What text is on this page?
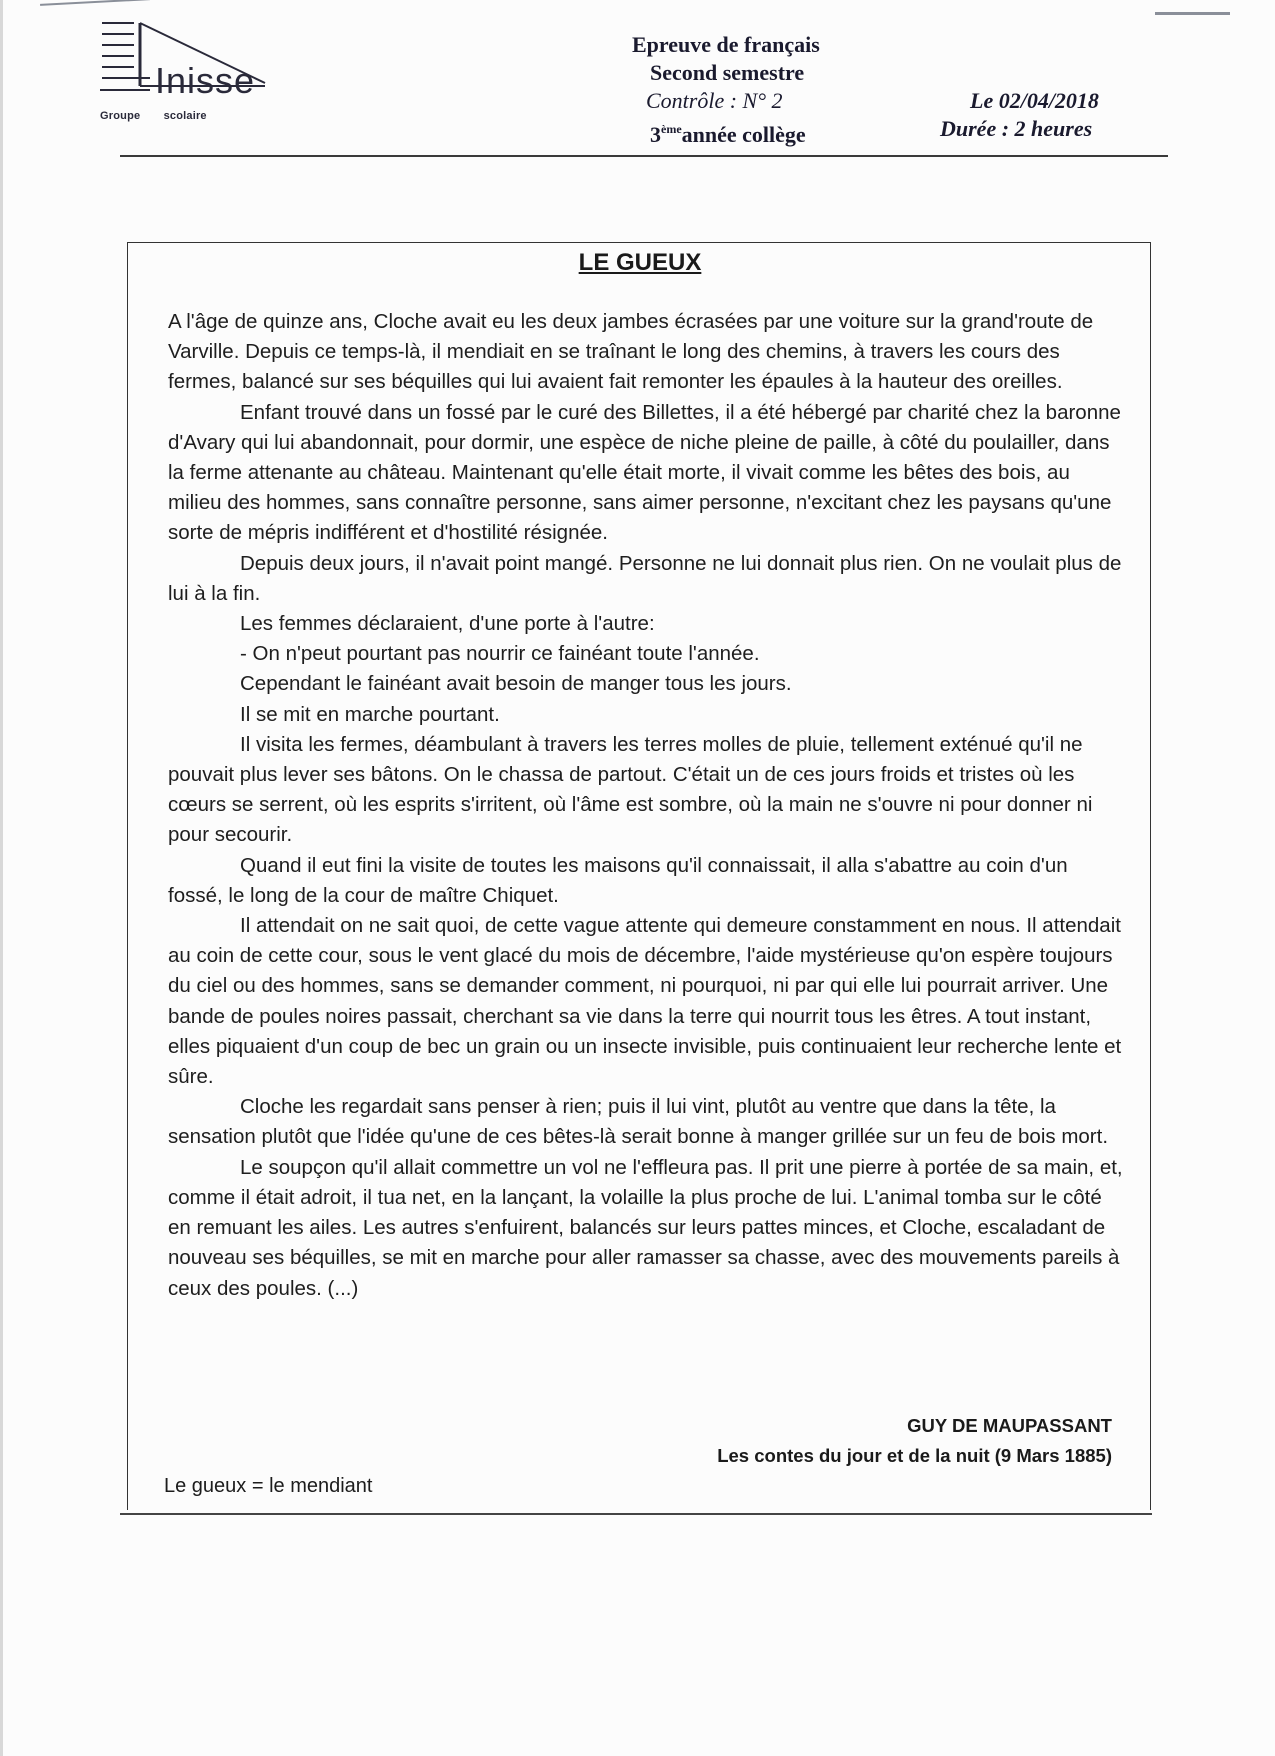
Inisse
Groupe scolaire
Epreuve de français
Second semestre
Contrôle : N° 2
3èmeannée collège
Le 02/04/2018
Durée : 2 heures
LE GUEUX

A l'âge de quinze ans, Cloche avait eu les deux jambes écrasées par une voiture sur la grand'route de Varville. Depuis ce temps-là, il mendiait en se traînant le long des chemins, à travers les cours des fermes, balancé sur ses béquilles qui lui avaient fait remonter les épaules à la hauteur des oreilles.

Enfant trouvé dans un fossé par le curé des Billettes, il a été hébergé par charité chez la baronne d'Avary qui lui abandonnait, pour dormir, une espèce de niche pleine de paille, à côté du poulailler, dans la ferme attenante au château. Maintenant qu'elle était morte, il vivait comme les bêtes des bois, au milieu des hommes, sans connaître personne, sans aimer personne, n'excitant chez les paysans qu'une sorte de mépris indifférent et d'hostilité résignée.

Depuis deux jours, il n'avait point mangé. Personne ne lui donnait plus rien. On ne voulait plus de lui à la fin.

Les femmes déclaraient, d'une porte à l'autre:

- On n'peut pourtant pas nourrir ce fainéant toute l'année.

Cependant le fainéant avait besoin de manger tous les jours.

Il se mit en marche pourtant.

Il visita les fermes, déambulant à travers les terres molles de pluie, tellement exténué qu'il ne pouvait plus lever ses bâtons. On le chassa de partout. C'était un de ces jours froids et tristes où les cœurs se serrent, où les esprits s'irritent, où l'âme est sombre, où la main ne s'ouvre ni pour donner ni pour secourir.

Quand il eut fini la visite de toutes les maisons qu'il connaissait, il alla s'abattre au coin d'un fossé, le long de la cour de maître Chiquet.

Il attendait on ne sait quoi, de cette vague attente qui demeure constamment en nous. Il attendait au coin de cette cour, sous le vent glacé du mois de décembre, l'aide mystérieuse qu'on espère toujours du ciel ou des hommes, sans se demander comment, ni pourquoi, ni par qui elle lui pourrait arriver. Une bande de poules noires passait, cherchant sa vie dans la terre qui nourrit tous les êtres. A tout instant, elles piquaient d'un coup de bec un grain ou un insecte invisible, puis continuaient leur recherche lente et sûre.

Cloche les regardait sans penser à rien; puis il lui vint, plutôt au ventre que dans la tête, la sensation plutôt que l'idée qu'une de ces bêtes-là serait bonne à manger grillée sur un feu de bois mort.

Le soupçon qu'il allait commettre un vol ne l'effleura pas. Il prit une pierre à portée de sa main, et, comme il était adroit, il tua net, en la lançant, la volaille la plus proche de lui. L'animal tomba sur le côté en remuant les ailes. Les autres s'enfuirent, balancés sur leurs pattes minces, et Cloche, escaladant de nouveau ses béquilles, se mit en marche pour aller ramasser sa chasse, avec des mouvements pareils à ceux des poules. (...)

GUY DE MAUPASSANT
Les contes du jour et de la nuit (9 Mars 1885)
Le gueux = le mendiant
